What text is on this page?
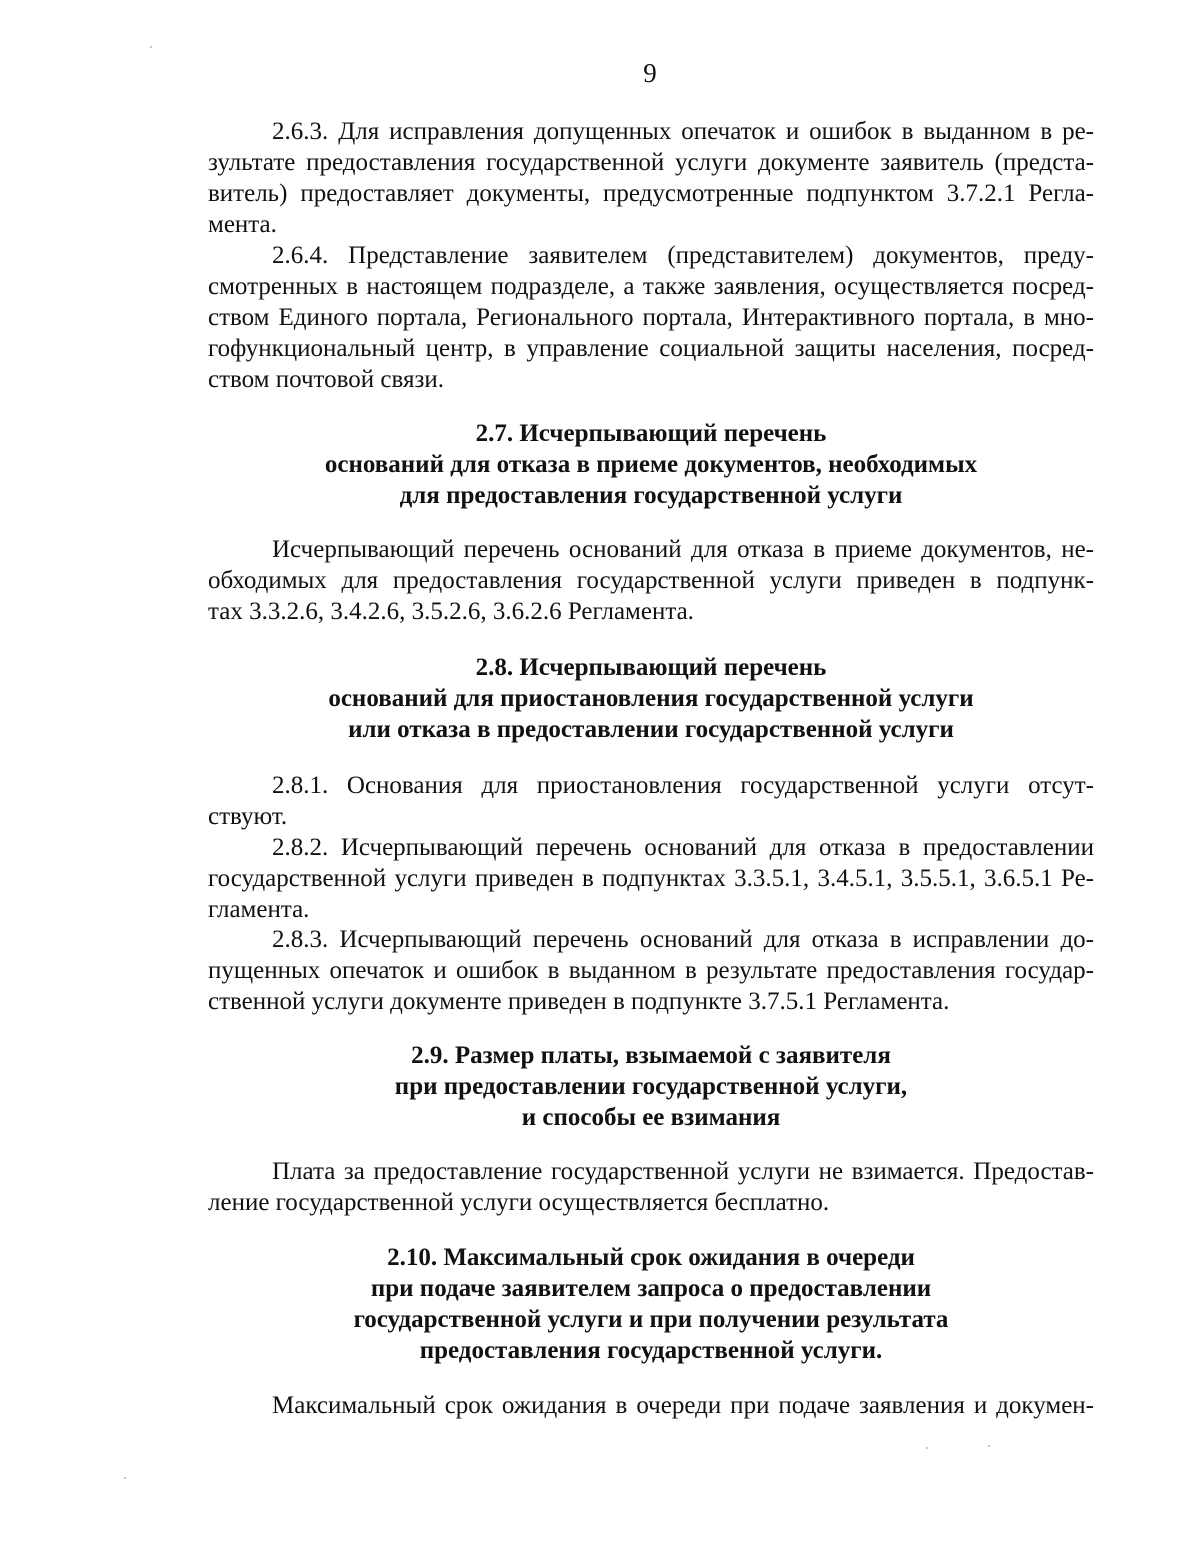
9

2.6.3. Для исправления допущенных опечаток и ошибок в выданном в ре-
зультате предоставления государственной услуги документе заявитель (предста-
витель) предоставляет документы, предусмотренные подпунктом 3.7.2.1 Регла-
мента.

2.6.4. Представление заявителем (представителем) документов, преду-
смотренных в настоящем подразделе, а также заявления, осуществляется посред-
ством Единого портала, Регионального портала, Интерактивного портала, в мно-
гофункциональный центр, в управление социальной защиты населения, посред-
ством почтовой связи.

2.7. Исчерпывающий перечень
оснований для отказа в приеме документов, необходимых
для предоставления государственной услуги

Исчерпывающий перечень оснований для отказа в приеме документов, не-
обходимых для предоставления государственной услуги приведен в подпунк-
тах 3.3.2.6, 3.4.2.6, 3.5.2.6, 3.6.2.6 Регламента.

2.8. Исчерпывающий перечень
оснований для приостановления государственной услуги
или отказа в предоставлении государственной услуги

2.8.1. Основания для приостановления государственной услуги отсут-
ствуют.

2.8.2. Исчерпывающий перечень оснований для отказа в предоставлении
государственной услуги приведен в подпунктах 3.3.5.1, 3.4.5.1, 3.5.5.1, 3.6.5.1 Ре-
гламента.

2.8.3. Исчерпывающий перечень оснований для отказа в исправлении до-
пущенных опечаток и ошибок в выданном в результате предоставления государ-
ственной услуги документе приведен в подпункте 3.7.5.1 Регламента.

2.9. Размер платы, взымаемой с заявителя
при предоставлении государственной услуги,
и способы ее взимания

Плата за предоставление государственной услуги не взимается. Предостав-
ление государственной услуги осуществляется бесплатно.

2.10. Максимальный срок ожидания в очереди
при подаче заявителем запроса о предоставлении
государственной услуги и при получении результата
предоставления государственной услуги.

Максимальный срок ожидания в очереди при подаче заявления и докумен-
